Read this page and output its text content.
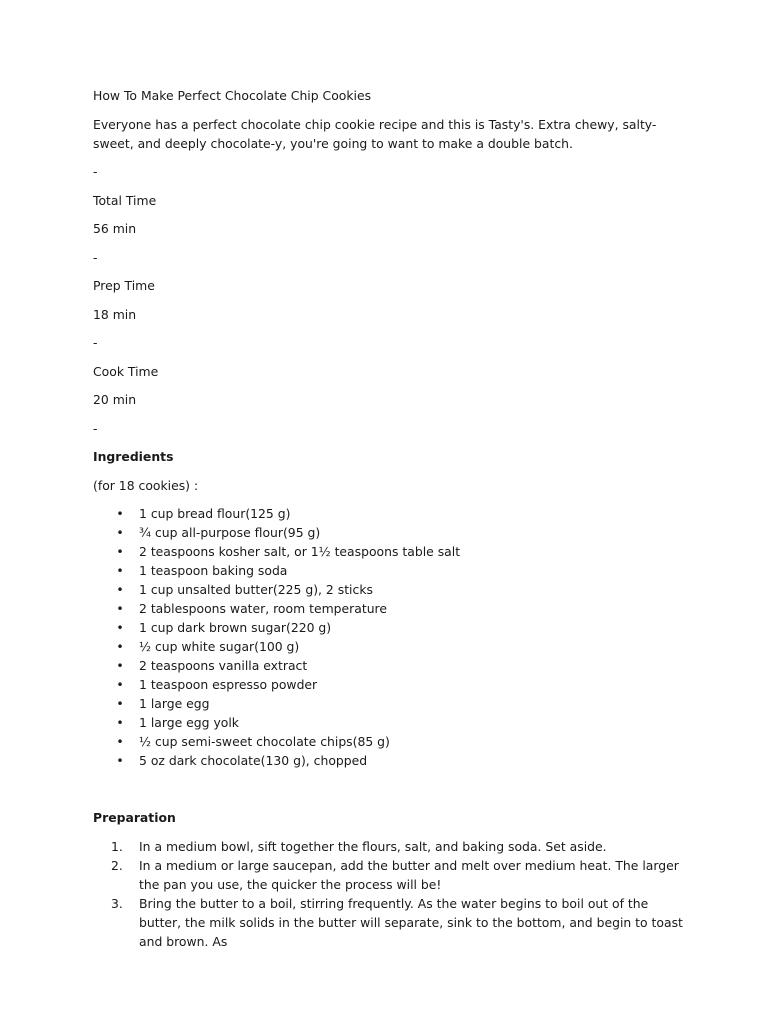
How To Make Perfect Chocolate Chip Cookies

Everyone has a perfect chocolate chip cookie recipe and this is Tasty's. Extra chewy, salty-sweet, and deeply chocolate-y, you're going to want to make a double batch.

-

Total Time

56 min

-

Prep Time

18 min

-

Cook Time

20 min

-

Ingredients

(for 18 cookies) :

• 1 cup bread flour(125 g)
• ¾ cup all-purpose flour(95 g)
• 2 teaspoons kosher salt, or 1½ teaspoons table salt
• 1 teaspoon baking soda
• 1 cup unsalted butter(225 g), 2 sticks
• 2 tablespoons water, room temperature
• 1 cup dark brown sugar(220 g)
• ½ cup white sugar(100 g)
• 2 teaspoons vanilla extract
• 1 teaspoon espresso powder
• 1 large egg
• 1 large egg yolk
• ½ cup semi-sweet chocolate chips(85 g)
• 5 oz dark chocolate(130 g), chopped

Preparation

1. In a medium bowl, sift together the flours, salt, and baking soda. Set aside.
2. In a medium or large saucepan, add the butter and melt over medium heat. The larger the pan you use, the quicker the process will be!
3. Bring the butter to a boil, stirring frequently. As the water begins to boil out of the butter, the milk solids in the butter will separate, sink to the bottom, and begin to toast and brown. As
